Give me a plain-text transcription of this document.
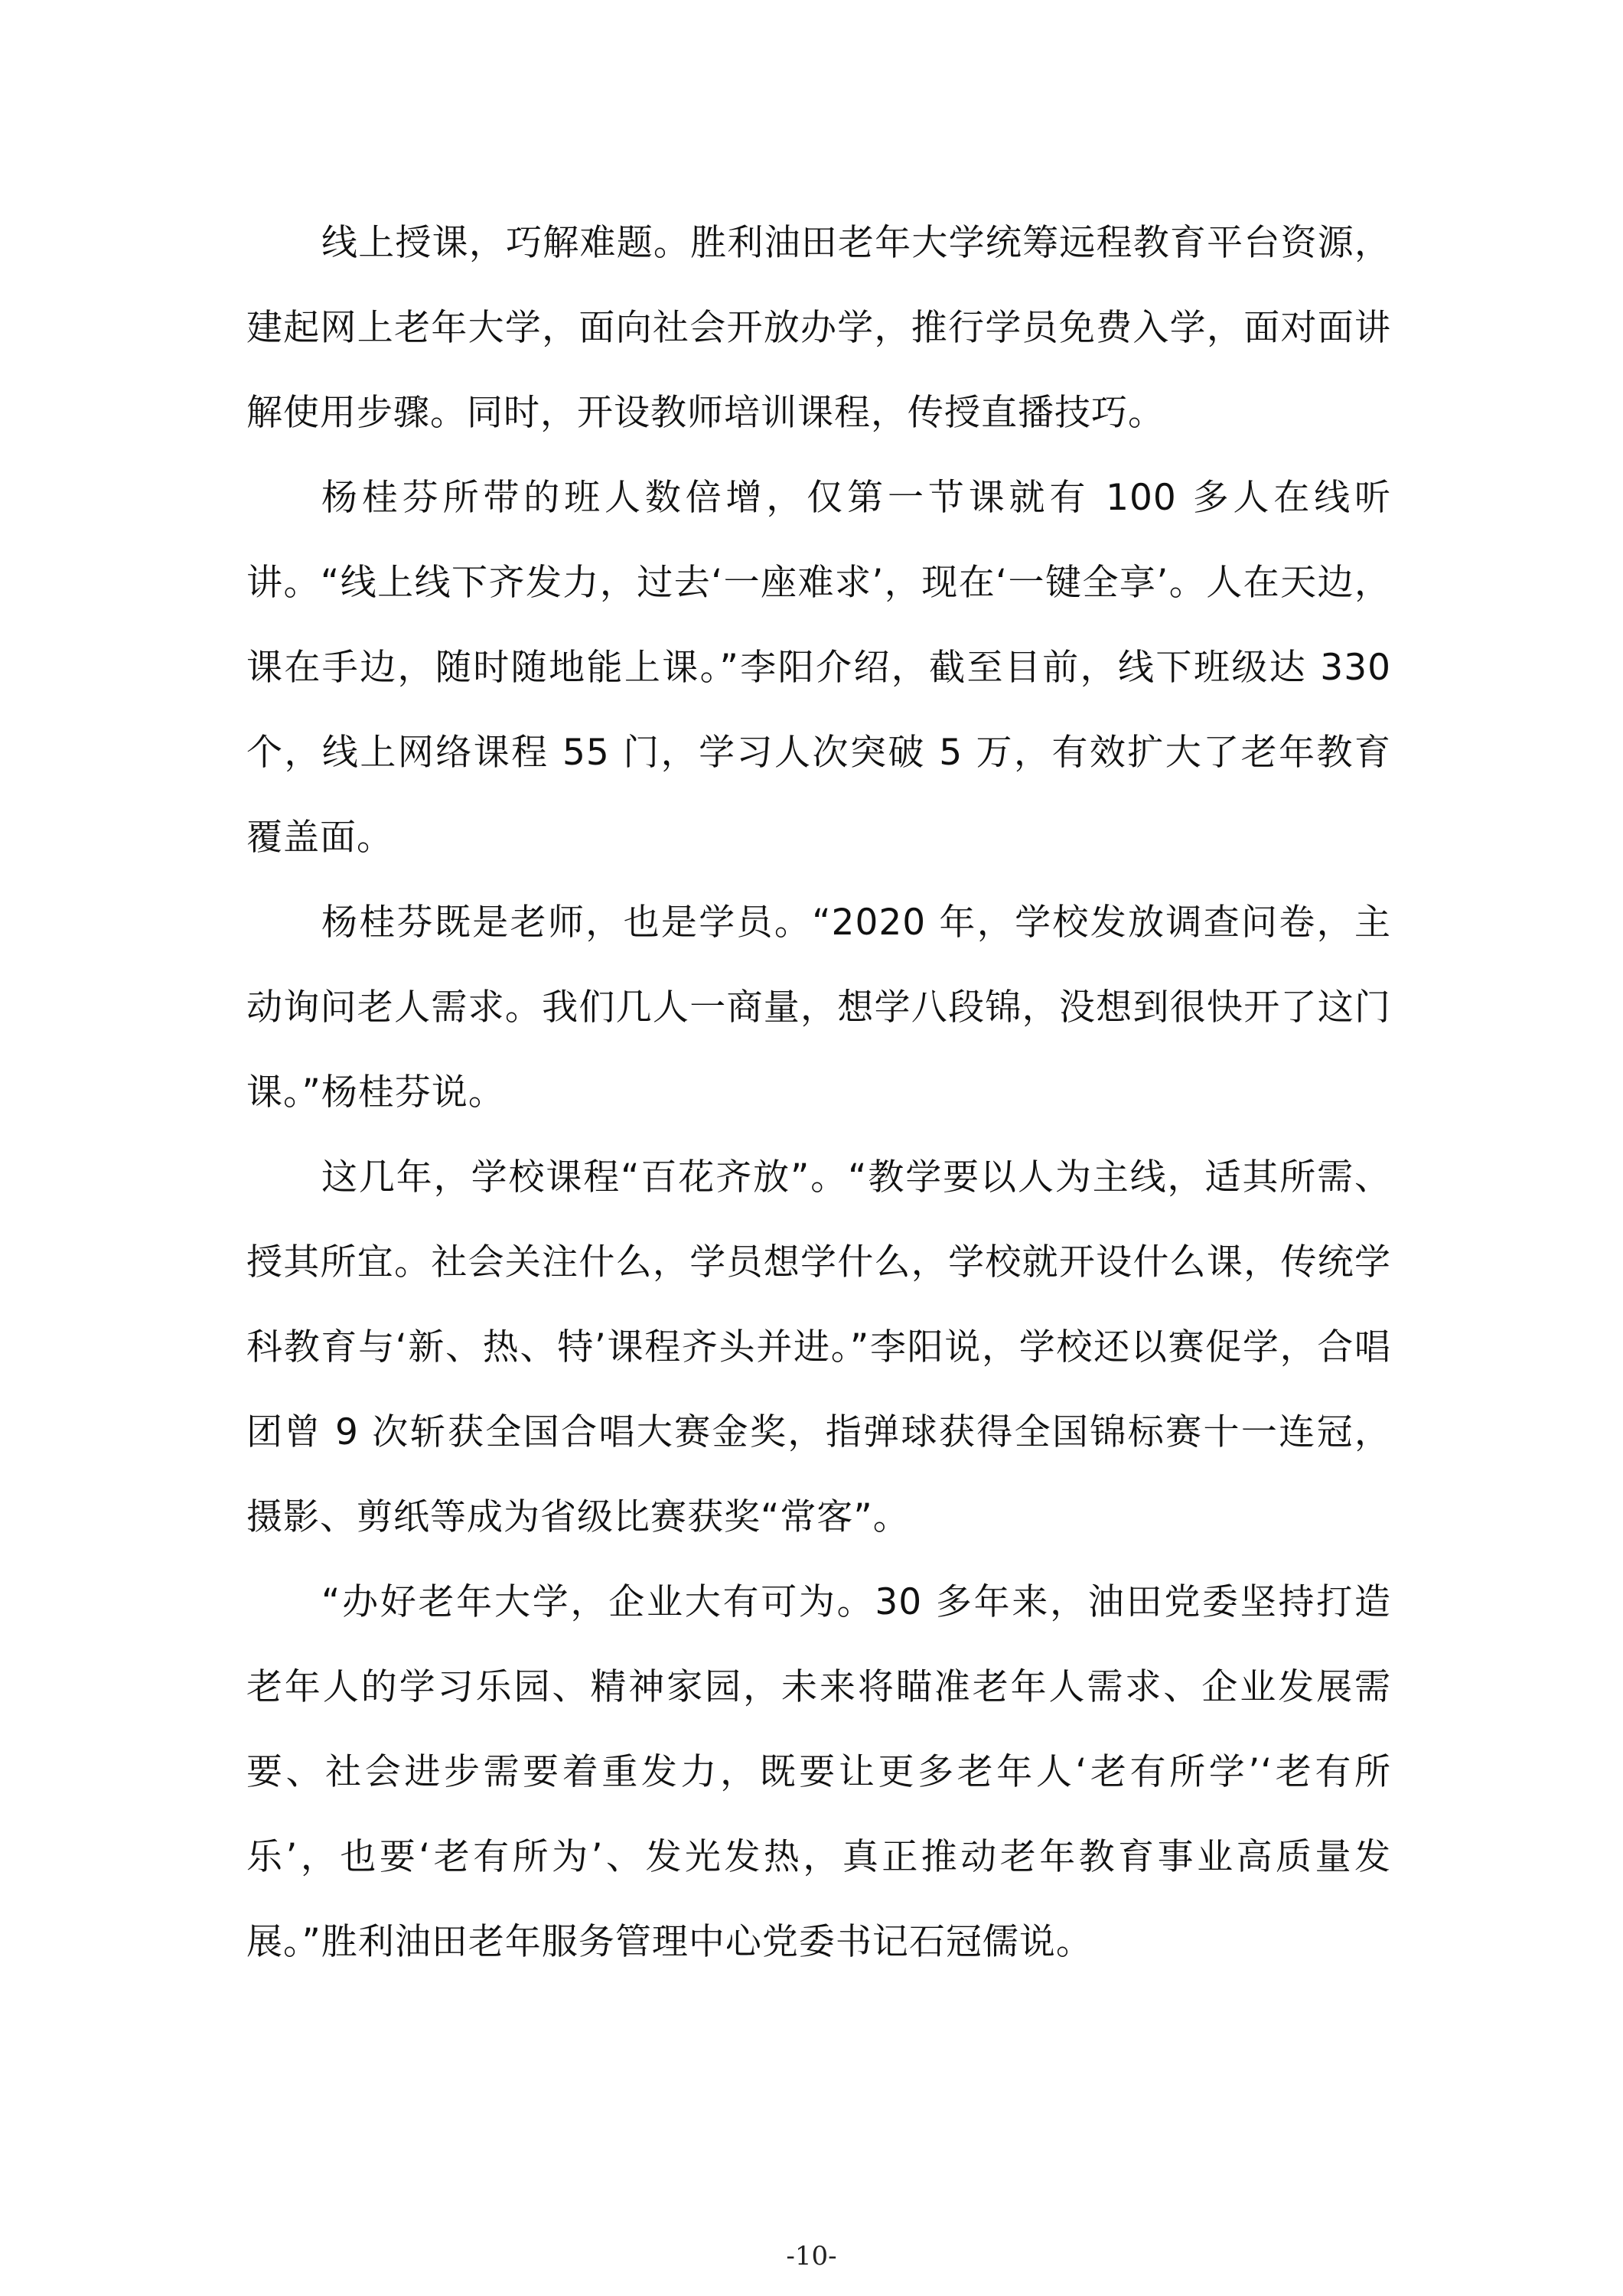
线上授课，巧解难题。胜利油田老年大学统筹远程教育平台资源，建起网上老年大学，面向社会开放办学，推行学员免费入学，面对面讲解使用步骤。同时，开设教师培训课程，传授直播技巧。

杨桂芬所带的班人数倍增，仅第一节课就有 100 多人在线听讲。“线上线下齐发力，过去‘一座难求’，现在‘一键全享’。人在天边，课在手边，随时随地能上课。”李阳介绍，截至目前，线下班级达 330 个，线上网络课程 55 门，学习人次突破 5 万，有效扩大了老年教育覆盖面。

杨桂芬既是老师，也是学员。“2020 年，学校发放调查问卷，主动询问老人需求。我们几人一商量，想学八段锦，没想到很快开了这门课。”杨桂芬说。

这几年，学校课程“百花齐放”。“教学要以人为主线，适其所需、授其所宜。社会关注什么，学员想学什么，学校就开设什么课，传统学科教育与‘新、热、特’课程齐头并进。”李阳说，学校还以赛促学，合唱团曾 9 次斩获全国合唱大赛金奖，指弹球获得全国锦标赛十一连冠，摄影、剪纸等成为省级比赛获奖“常客”。

“办好老年大学，企业大有可为。30 多年来，油田党委坚持打造老年人的学习乐园、精神家园，未来将瞄准老年人需求、企业发展需要、社会进步需要着重发力，既要让更多老年人‘老有所学’‘老有所乐’，也要‘老有所为’、发光发热，真正推动老年教育事业高质量发展。”胜利油田老年服务管理中心党委书记石冠儒说。

-10-
